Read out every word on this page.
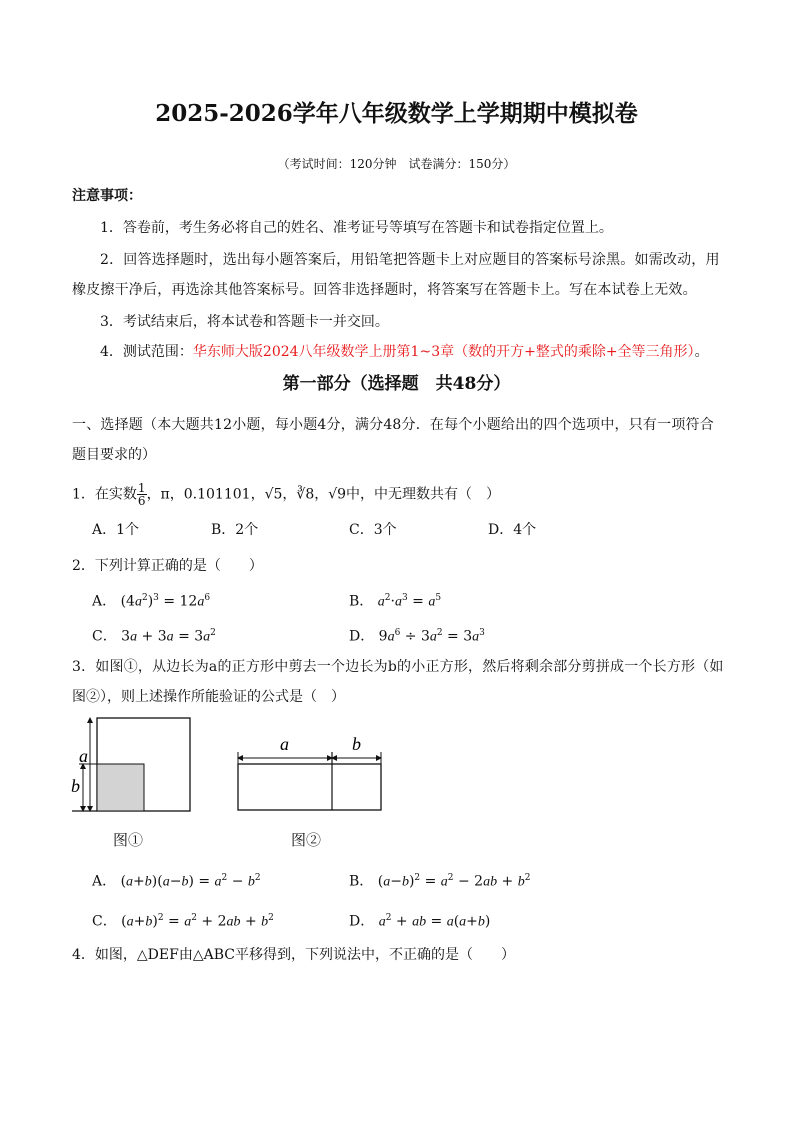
2025-2026学年八年级数学上学期期中模拟卷
（考试时间：120分钟　试卷满分：150分）
注意事项：
1．答卷前，考生务必将自己的姓名、准考证号等填写在答题卡和试卷指定位置上。
2．回答选择题时，选出每小题答案后，用铅笔把答题卡上对应题目的答案标号涂黑。如需改动，用
橡皮擦干净后，再选涂其他答案标号。回答非选择题时，将答案写在答题卡上。写在本试卷上无效。
3．考试结束后，将本试卷和答题卡一并交回。
4．测试范围：华东师大版2024八年级数学上册第1~3章（数的开方+整式的乘除+全等三角形）。
第一部分（选择题　共48分）
一、选择题（本大题共12小题，每小题4分，满分48分．在每个小题给出的四个选项中，只有一项符合
题目要求的）
1．在实数 $\frac{1}{6}$ ，π，0.101101，√5，∛8，√9中，中无理数共有（　）
A．1个	B．2个	C．3个	D．4个
2．下列计算正确的是（　　）
A． $(4a^2)^3 = 12a^6$	B． $a^2\cdot a^3 = a^5$
C． $3a + 3a = 3a^2$	D． $9a^6 \div 3a^2 = 3a^3$
3．如图①，从边长为a的正方形中剪去一个边长为b的小正方形，然后将剩余部分剪拼成一个长方形（如
图②），则上述操作所能验证的公式是（　）
a
b
图①
a	b
图②
A． $(a+b)(a-b) = a^2 - b^2$	B． $(a-b)^2 = a^2 - 2ab + b^2$
C． $(a+b)^2 = a^2 + 2ab + b^2$	D． $a^2$ + ab = a(a+b)
4．如图，△DEF由△ABC平移得到，下列说法中，不正确的是（　　）
